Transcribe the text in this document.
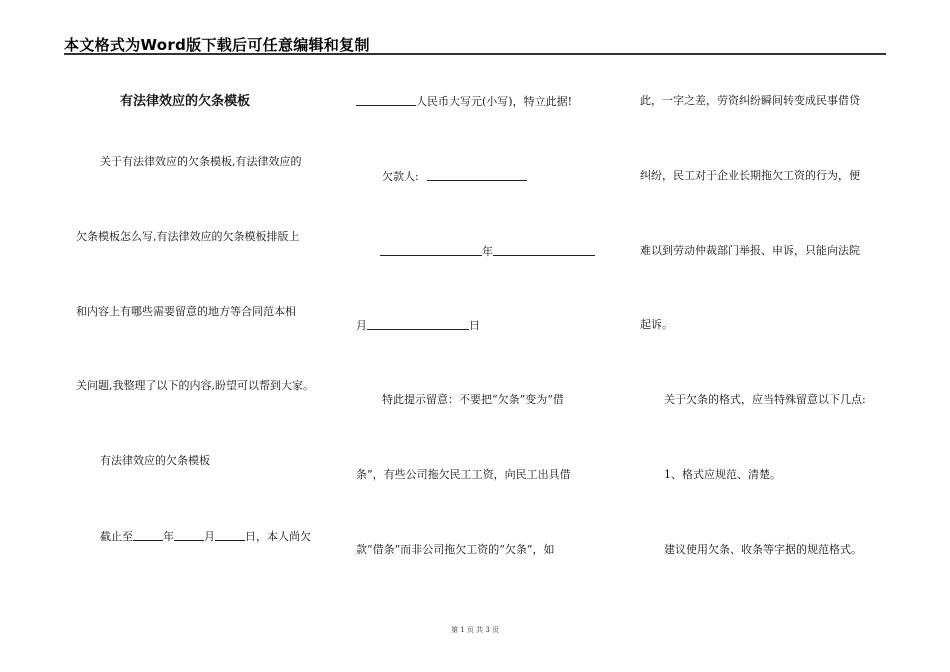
本文格式为Word版下载后可任意编辑和复制
有法律效应的欠条模板
关于有法律效应的欠条模板,有法律效应的
欠条模板怎么写,有法律效应的欠条模板排版上
和内容上有哪些需要留意的地方等合同范本相
关问题,我整理了以下的内容,盼望可以帮到大家。
有法律效应的欠条模板
截止至	年	月	日，本人尚欠
人民币大写元(小写)，特立此据!
欠款人:
年
月	日
特此提示留意：不要把“欠条”变为“借
条”，有些公司拖欠民工工资，向民工出具借
款“借条”而非公司拖欠工资的“欠条”，如
此，一字之差，劳资纠纷瞬间转变成民事借贷
纠纷，民工对于企业长期拖欠工资的行为，便
难以到劳动仲裁部门举报、申诉，只能向法院
起诉。
关于欠条的格式，应当特殊留意以下几点:
1、格式应规范、清楚。
建议使用欠条、收条等字据的规范格式。
第 1 页 共 3 页
